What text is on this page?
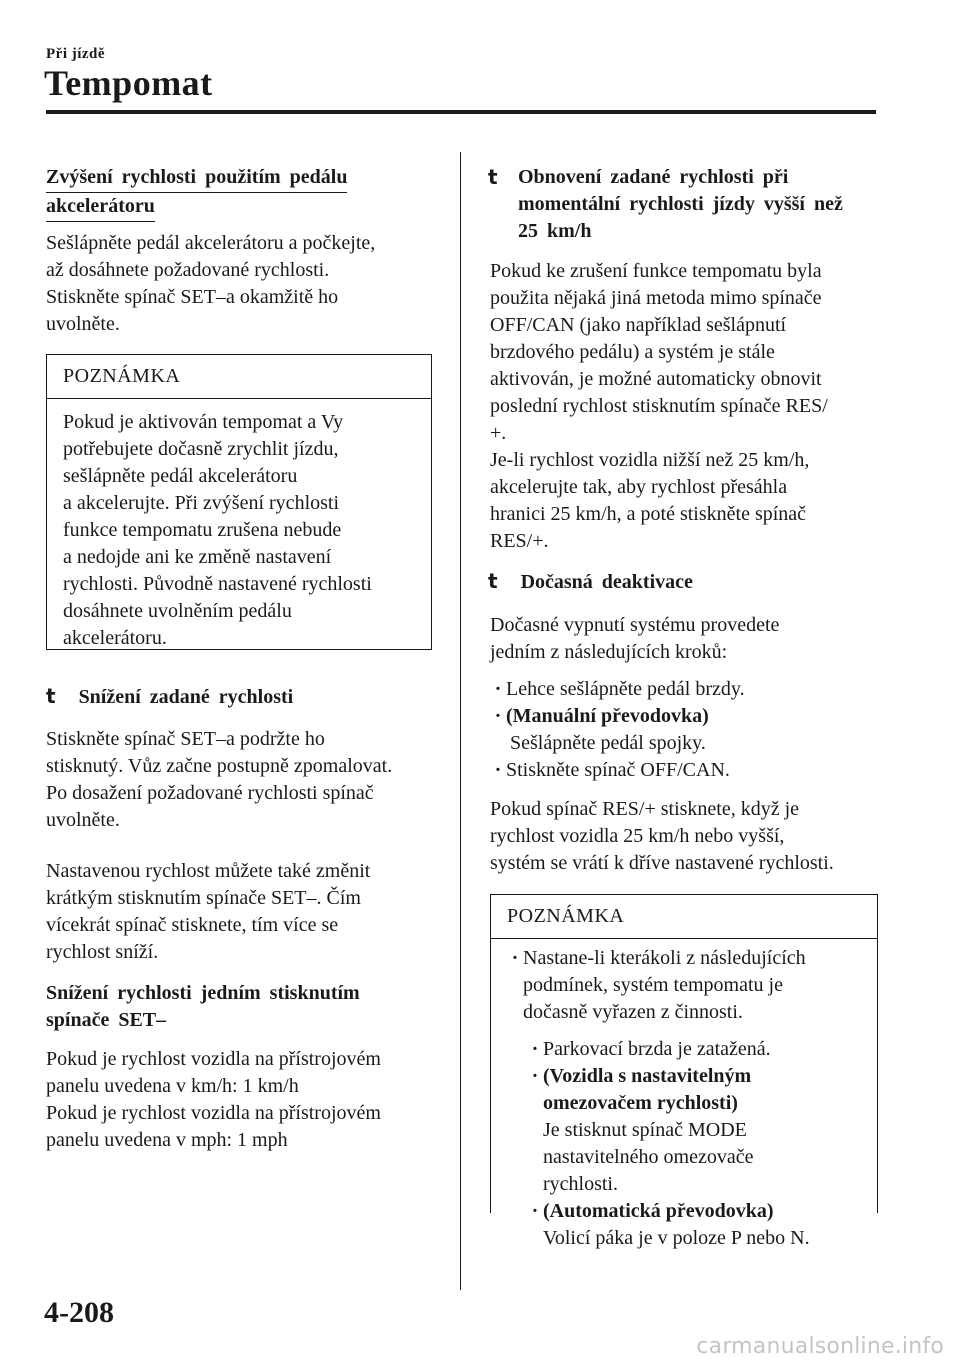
Při jízdě
Tempomat
Zvýšení rychlosti použitím pedálu
akcelerátoru
Sešlápněte pedál akcelerátoru a počkejte,
až dosáhnete požadované rychlosti.
Stiskněte spínač SET–a okamžitě ho
uvolněte.
POZNÁMKA
Pokud je aktivován tempomat a Vy
potřebujete dočasně zrychlit jízdu,
sešlápněte pedál akcelerátoru
a akcelerujte. Při zvýšení rychlosti
funkce tempomatu zrušena nebude
a nedojde ani ke změně nastavení
rychlosti. Původně nastavené rychlosti
dosáhnete uvolněním pedálu
akcelerátoru.
t Snížení zadané rychlosti
Stiskněte spínač SET–a podržte ho
stisknutý. Vůz začne postupně zpomalovat.
Po dosažení požadované rychlosti spínač
uvolněte.
Nastavenou rychlost můžete také změnit
krátkým stisknutím spínače SET–. Čím
vícekrát spínač stisknete, tím více se
rychlost sníží.
Snížení rychlosti jedním stisknutím
spínače SET–
Pokud je rychlost vozidla na přístrojovém
panelu uvedena v km/h: 1 km/h
Pokud je rychlost vozidla na přístrojovém
panelu uvedena v mph: 1 mph
t Obnovení zadané rychlosti při
momentální rychlosti jízdy vyšší než
25 km/h
Pokud ke zrušení funkce tempomatu byla
použita nějaká jiná metoda mimo spínače
OFF/CAN (jako například sešlápnutí
brzdového pedálu) a systém je stále
aktivován, je možné automaticky obnovit
poslední rychlost stisknutím spínače RES/
+.
Je-li rychlost vozidla nižší než 25 km/h,
akcelerujte tak, aby rychlost přesáhla
hranici 25 km/h, a poté stiskněte spínač
RES/+.
t Dočasná deaktivace
Dočasné vypnutí systému provedete
jedním z následujících kroků:
· Lehce sešlápněte pedál brzdy.
· (Manuální převodovka)
Sešlápněte pedál spojky.
· Stiskněte spínač OFF/CAN.
Pokud spínač RES/+ stisknete, když je
rychlost vozidla 25 km/h nebo vyšší,
systém se vrátí k dříve nastavené rychlosti.
POZNÁMKA
· Nastane-li kterákoli z následujících
podmínek, systém tempomatu je
dočasně vyřazen z činnosti.
· Parkovací brzda je zatažená.
· (Vozidla s nastavitelným
omezovačem rychlosti)
Je stisknut spínač MODE
nastavitelného omezovače
rychlosti.
· (Automatická převodovka)
Volicí páka je v poloze P nebo N.
4-208
carmanualsonline.info
